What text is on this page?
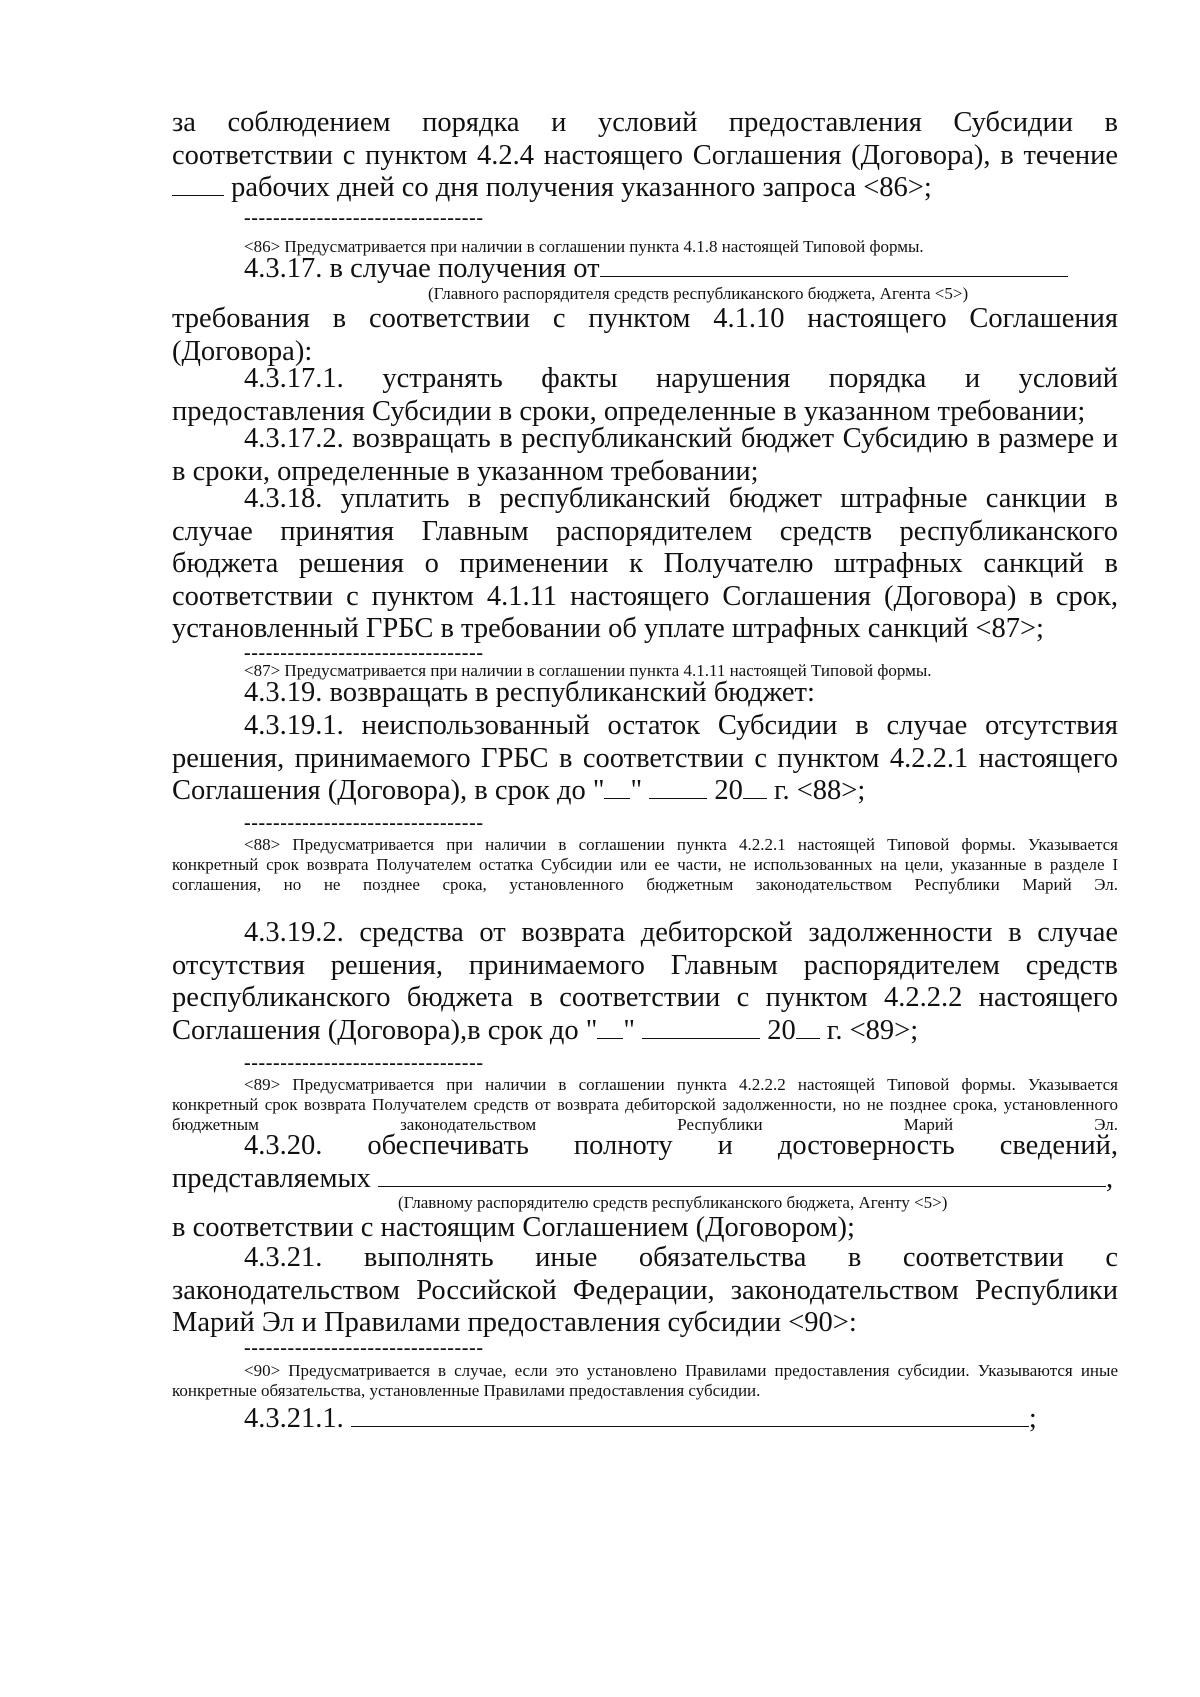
за соблюдением порядка и условий предоставления Субсидии в
соответствии с пунктом 4.2.4 настоящего Соглашения (Договора), в течение
рабочих дней со дня получения указанного запроса <86>;
---------------------------------
<86> Предусматривается при наличии в соглашении пункта 4.1.8 настоящей Типовой формы.
4.3.17. в случае получения от
(Главного распорядителя средств республиканского бюджета, Агента <5>)
требования в соответствии с пунктом 4.1.10 настоящего Соглашения (Договора):
4.3.17.1. устранять факты нарушения порядка и условий предоставления Субсидии в сроки, определенные в указанном требовании;
4.3.17.2. возвращать в республиканский бюджет Субсидию в размере и в сроки, определенные в указанном требовании;
4.3.18. уплатить в республиканский бюджет штрафные санкции в случае принятия Главным распорядителем средств республиканского бюджета решения о применении к Получателю штрафных санкций в соответствии с пунктом 4.1.11 настоящего Соглашения (Договора) в срок, установленный ГРБС в требовании об уплате штрафных санкций <87>;
---------------------------------
<87> Предусматривается при наличии в соглашении пункта 4.1.11 настоящей Типовой формы.
4.3.19. возвращать в республиканский бюджет:
4.3.19.1. неиспользованный остаток Субсидии в случае отсутствия решения, принимаемого ГРБС в соответствии с пунктом 4.2.2.1 настоящего
Соглашения (Договора), в срок до " "	20 г. <88>;
---------------------------------
<88> Предусматривается при наличии в соглашении пункта 4.2.2.1 настоящей Типовой формы. Указывается конкретный срок возврата Получателем остатка Субсидии или ее части, не использованных на цели, указанные в разделе I соглашения, но не позднее срока, установленного бюджетным законодательством Республики Марий Эл.
4.3.19.2. средства от возврата дебиторской задолженности в случае отсутствия решения, принимаемого Главным распорядителем средств республиканского бюджета в соответствии с пунктом 4.2.2.2 настоящего
Соглашения (Договора),в срок до " "	20 г. <89>;
---------------------------------
<89> Предусматривается при наличии в соглашении пункта 4.2.2.2 настоящей Типовой формы. Указывается конкретный срок возврата Получателем средств от возврата дебиторской задолженности, но не позднее срока, установленного бюджетным законодательством Республики Марий Эл.
4.3.20. обеспечивать полноту и достоверность сведений,
представляемых	,
(Главному распорядителю средств республиканского бюджета, Агенту <5>)
в соответствии с настоящим Соглашением (Договором);
4.3.21. выполнять иные обязательства в соответствии с законодательством Российской Федерации, законодательством Республики Марий Эл и Правилами предоставления субсидии <90>:
---------------------------------
<90> Предусматривается в случае, если это установлено Правилами предоставления субсидии. Указываются иные конкретные обязательства, установленные Правилами предоставления субсидии.
4.3.21.1.	;
